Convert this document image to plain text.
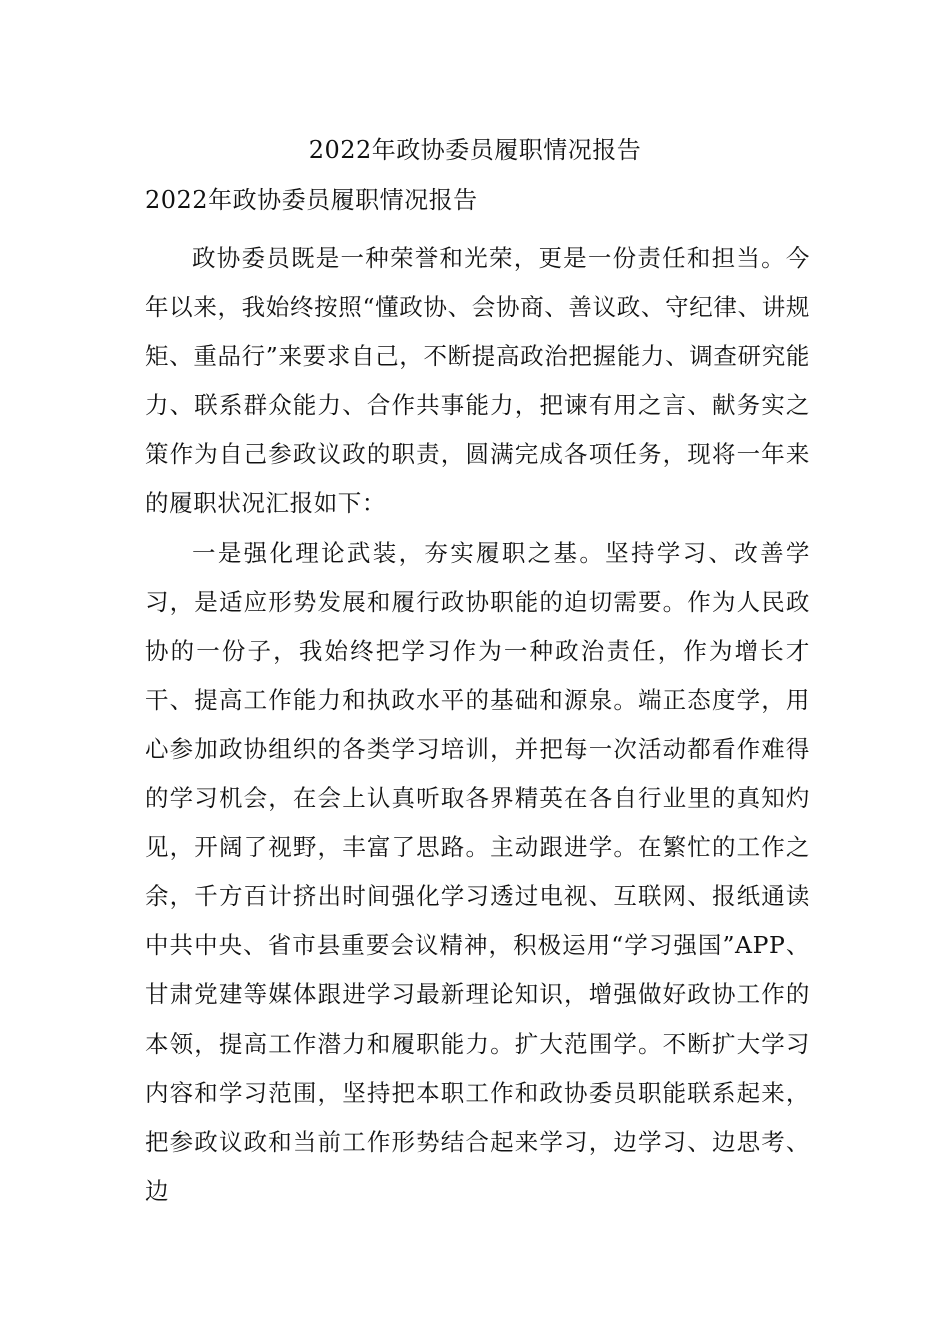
2022年政协委员履职情况报告
2022年政协委员履职情况报告

政协委员既是一种荣誉和光荣，更是一份责任和担当。今年以来，我始终按照“懂政协、会协商、善议政、守纪律、讲规矩、重品行”来要求自己，不断提高政治把握能力、调查研究能力、联系群众能力、合作共事能力，把谏有用之言、献务实之策作为自己参政议政的职责，圆满完成各项任务，现将一年来的履职状况汇报如下：

一是强化理论武装，夯实履职之基。坚持学习、改善学习，是适应形势发展和履行政协职能的迫切需要。作为人民政协的一份子，我始终把学习作为一种政治责任，作为增长才干、提高工作能力和执政水平的基础和源泉。端正态度学，用心参加政协组织的各类学习培训，并把每一次活动都看作难得的学习机会，在会上认真听取各界精英在各自行业里的真知灼见，开阔了视野，丰富了思路。主动跟进学。在繁忙的工作之余，千方百计挤出时间强化学习透过电视、互联网、报纸通读中共中央、省市县重要会议精神，积极运用“学习强国”APP、甘肃党建等媒体跟进学习最新理论知识，增强做好政协工作的本领，提高工作潜力和履职能力。扩大范围学。不断扩大学习内容和学习范围，坚持把本职工作和政协委员职能联系起来，把参政议政和当前工作形势结合起来学习，边学习、边思考、边
